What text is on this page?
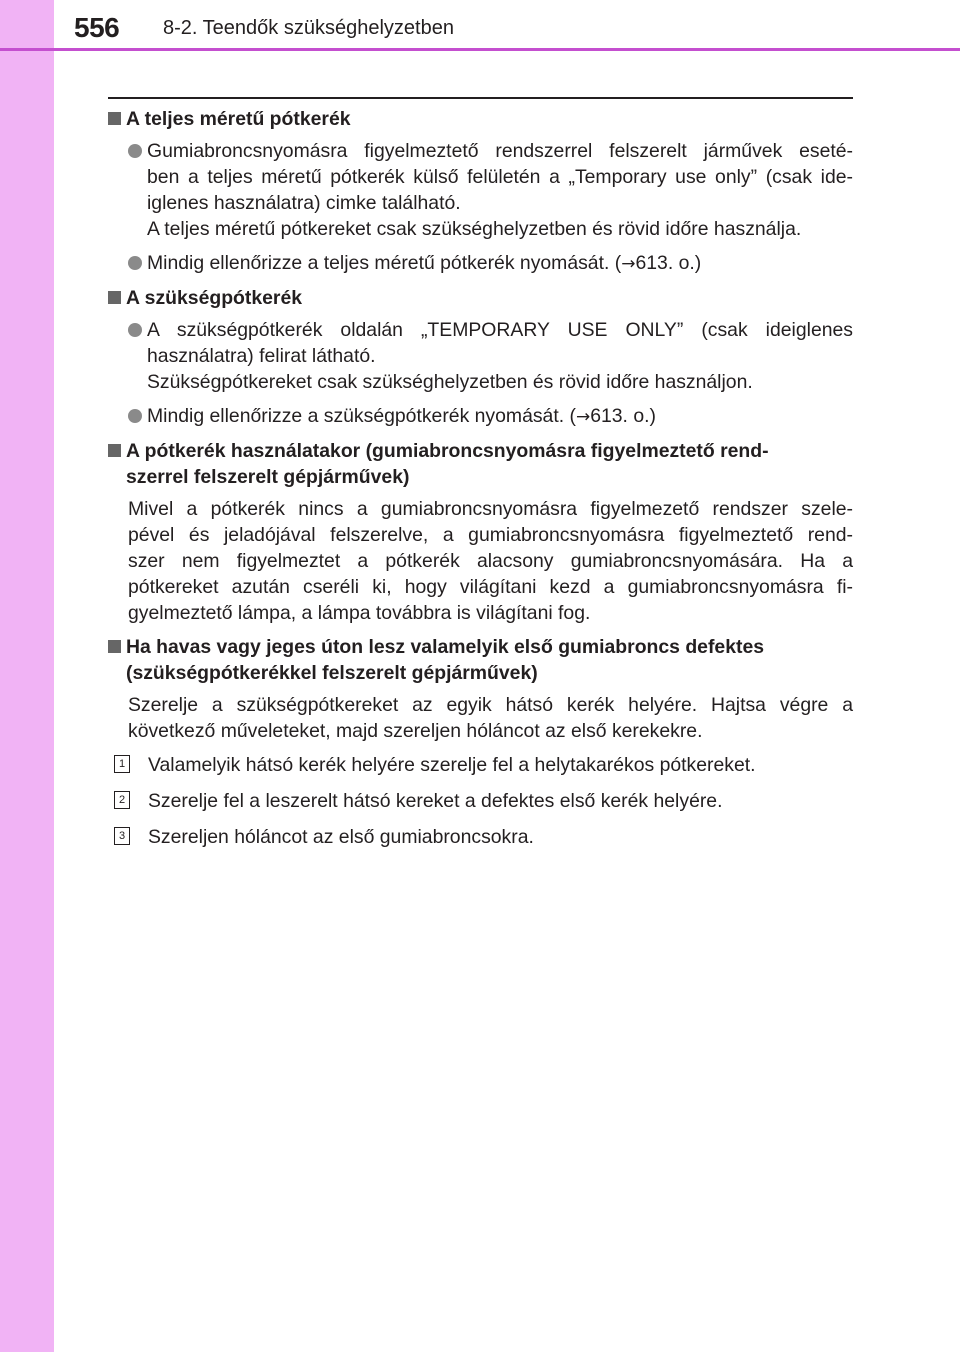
556 8-2. Teendők szükséghelyzetben
A teljes méretű pótkerék
Gumiabroncsnyomásra figyelmeztető rendszerrel felszerelt járművek eseté-
ben a teljes méretű pótkerék külső felületén a „Temporary use only” (csak ide-
iglenes használatra) cimke található.
A teljes méretű pótkereket csak szükséghelyzetben és rövid időre használja.
Mindig ellenőrizze a teljes méretű pótkerék nyomását. (→613. o.)
A szükségpótkerék
A szükségpótkerék oldalán „TEMPORARY USE ONLY” (csak ideiglenes
használatra) felirat látható.
Szükségpótkereket csak szükséghelyzetben és rövid időre használjon.
Mindig ellenőrizze a szükségpótkerék nyomását. (→613. o.)
A pótkerék használatakor (gumiabroncsnyomásra figyelmeztető rend-
szerrel felszerelt gépjárművek)
Mivel a pótkerék nincs a gumiabroncsnyomásra figyelmezető rendszer szele-
pével és jeladójával felszerelve, a gumiabroncsnyomásra figyelmeztető rend-
szer nem figyelmeztet a pótkerék alacsony gumiabroncsnyomására. Ha a
pótkereket azután cseréli ki, hogy világítani kezd a gumiabroncsnyomásra fi-
gyelmeztető lámpa, a lámpa továbbra is világítani fog.
Ha havas vagy jeges úton lesz valamelyik első gumiabroncs defektes
(szükségpótkerékkel felszerelt gépjárművek)
Szerelje a szükségpótkereket az egyik hátsó kerék helyére. Hajtsa végre a
következő műveleteket, majd szereljen hóláncot az első kerekekre.
1 Valamelyik hátsó kerék helyére szerelje fel a helytakarékos pótkereket.
2 Szerelje fel a leszerelt hátsó kereket a defektes első kerék helyére.
3 Szereljen hóláncot az első gumiabroncsokra.
